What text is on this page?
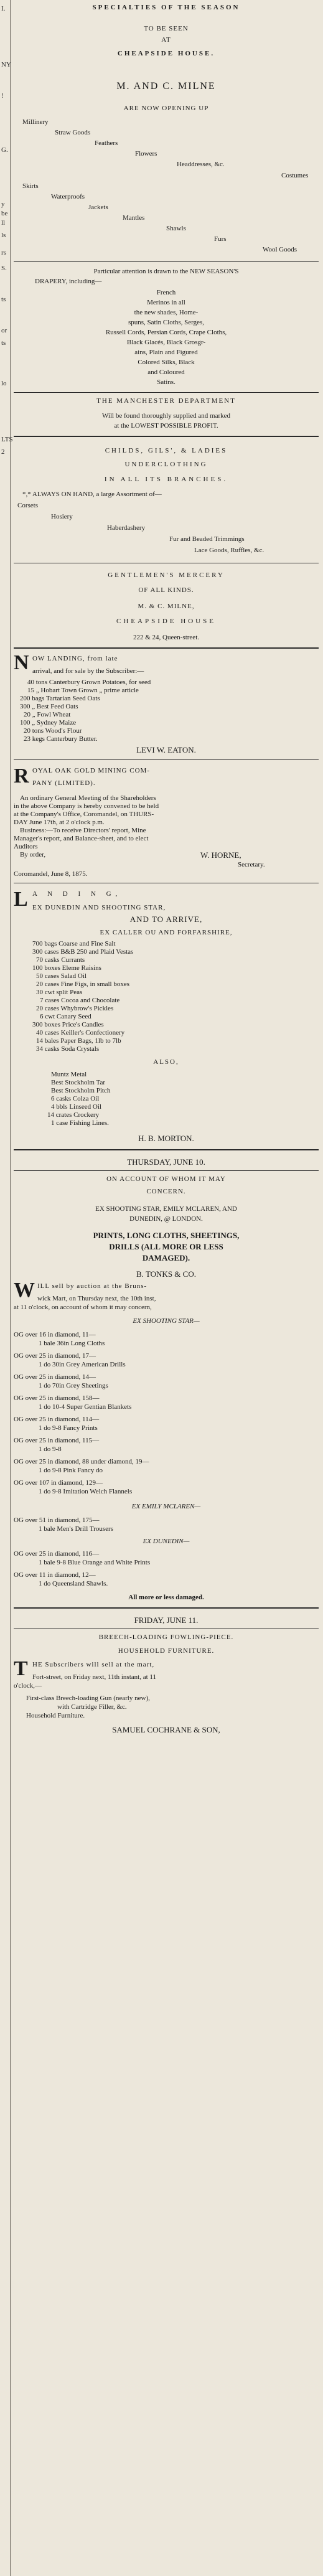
I.
NY
!
G.
y
be
ll
ls
rs
S.
ts
or
ts
lo
LTS
2
SPECIALTIES OF THE SEASON
TO BE SEEN
AT
CHEAPSIDE HOUSE.
M. AND C. MILNE
ARE NOW OPENING UP
Millinery
Straw Goods
Feathers
Flowers
Headdresses, &c.
Costumes
Skirts
Waterproofs
Jackets
Mantles
Shawls
Furs
Wool Goods
Particular attention is drawn to the NEW SEASON'S
DRAPERY, including—
French
Merinos in all
the new shades, Home-
spuns, Satin Cloths, Serges,
Russell Cords, Persian Cords, Crape Cloths,
Black Glacés, Black Grosgr-
ains, Plain and Figured
Colored Silks, Black
and Coloured
Satins.
THE MANCHESTER DEPARTMENT
Will be found thoroughly supplied and marked
at the LOWEST POSSIBLE PROFIT.
CHILDS, GILS', & LADIES
UNDERCLOTHING
IN ALL ITS BRANCHES.
*,* ALWAYS ON HAND, a large Assortment of—
Corsets
Hosiery
Haberdashery
Fur and Beaded Trimmings
Lace Goods, Ruffles, &c.
GENTLEMEN'S MERCERY
OF ALL KINDS.
M. & C. MILNE,
CHEAPSIDE HOUSE
222 & 24, Queen-street.
N OW LANDING, from late
arrival, and for sale by the Subscriber:—
40 tons Canterbury Grown Potatoes, for seed
15 „ Hobart Town Grown „ prime article
200 bags Tartarian Seed Oats
300 „ Best Feed Oats
20 „ Fowl Wheat
100 „ Sydney Maize
20 tons Wood's Flour
23 kegs Canterbury Butter.
LEVI W. EATON.
R OYAL OAK GOLD MINING COM-
PANY (LIMITED).
An ordinary General Meeting of the Shareholders
in the above Company is hereby convened to be held
at the Company's Office, Coromandel, on THURS-
DAY June 17th, at 2 o'clock p.m.
Business:—To receive Directors' report, Mine
Manager's report, and Balance-sheet, and to elect
Auditors
By order,	W. HORNE,
Secretary.
Coromandel, June 8, 1875.
L A N D I N G,
EX DUNEDIN AND SHOOTING STAR,
AND TO ARRIVE,
EX CALLER OU AND FORFARSHIRE,
700 bags Coarse and Fine Salt
300 cases B&B 250 and Plaid Vestas
70 casks Currants
100 boxes Eleme Raisins
50 cases Salad Oil
20 cases Fine Figs, in small boxes
30 cwt split Peas
7 cases Cocoa and Chocolate
20 cases Whybrow's Pickles
6 cwt Canary Seed
300 boxes Price's Candles
40 cases Keiller's Confectionery
14 bales Paper Bags, 1lb to 7lb
34 casks Soda Crystals
ALSO,
Muntz Metal
Best Stockholm Tar
Best Stockholm Pitch
6 casks Colza Oil
4 bbls Linseed Oil
14 crates Crockery
1 case Fishing Lines.
H. B. MORTON.
THURSDAY, JUNE 10.
ON ACCOUNT OF WHOM IT MAY
CONCERN.
EX SHOOTING STAR, EMILY MCLAREN, AND
DUNEDIN, @ LONDON.
PRINTS, LONG CLOTHS, SHEETINGS,
DRILLS (ALL MORE OR LESS
DAMAGED).
B. TONKS & CO.
W ILL sell by auction at the Bruns-
wick Mart, on Thursday next, the 10th inst,
at 11 o'clock, on account of whom it may concern,
EX SHOOTING STAR—
OG over 16 in diamond, 11—
1 bale 36in Long Cloths
OG over 25 in diamond, 17—
1 do 30in Grey American Drills
OG over 25 in diamond, 14—
1 do 70in Grey Sheetings
OG over 25 in diamond, 158—
1 do 10-4 Super Gentian Blankets
OG over 25 in diamond, 114—
1 do 9-8 Fancy Prints
OG over 25 in diamond, 115—
1 do 9-8
OG over 25 in diamond, 88 under diamond, 19—
1 do 9-8 Pink Fancy do
OG over 107 in diamond, 129—
1 do 9-8 Imitation Welch Flannels
EX EMILY MCLAREN—
OG over 51 in diamond, 175—
1 bale Men's Drill Trousers
EX DUNEDIN—
OG over 25 in diamond, 116—
1 bale 9-8 Blue Orange and White Prints
OG over 11 in diamond, 12—
1 do Queensland Shawls.
All more or less damaged.
FRIDAY, JUNE 11.
BREECH-LOADING FOWLING-PIECE.
HOUSEHOLD FURNITURE.
T HE Subscribers will sell at the mart,
Fort-street, on Friday next, 11th instant, at 11
o'clock,—
First-class Breech-loading Gun (nearly new),
with Cartridge Filler, &c.
Household Furniture.
SAMUEL COCHRANE & SON,
